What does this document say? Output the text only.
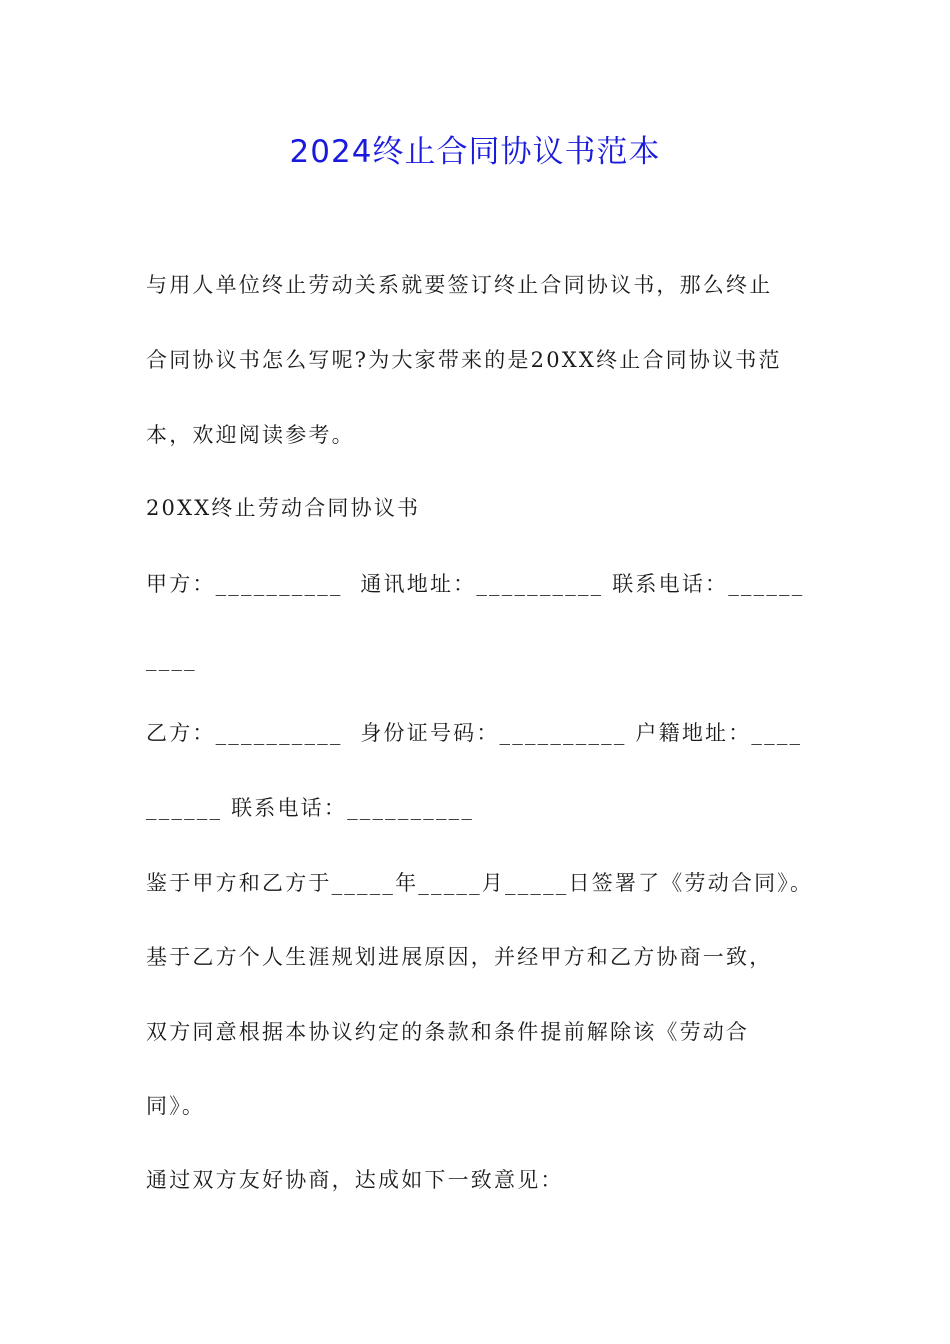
2024终止合同协议书范本

与用人单位终止劳动关系就要签订终止合同协议书，那么终止

合同协议书怎么写呢?为大家带来的是20XX终止合同协议书范

本，欢迎阅读参考。

20XX终止劳动合同协议书

甲方：__________  通讯地址：__________ 联系电话：______

____

乙方：__________  身份证号码：__________ 户籍地址：____

______ 联系电话：__________

鉴于甲方和乙方于_____年_____月_____日签署了《劳动合同》。

基于乙方个人生涯规划进展原因，并经甲方和乙方协商一致，

双方同意根据本协议约定的条款和条件提前解除该《劳动合

同》。

通过双方友好协商，达成如下一致意见：
